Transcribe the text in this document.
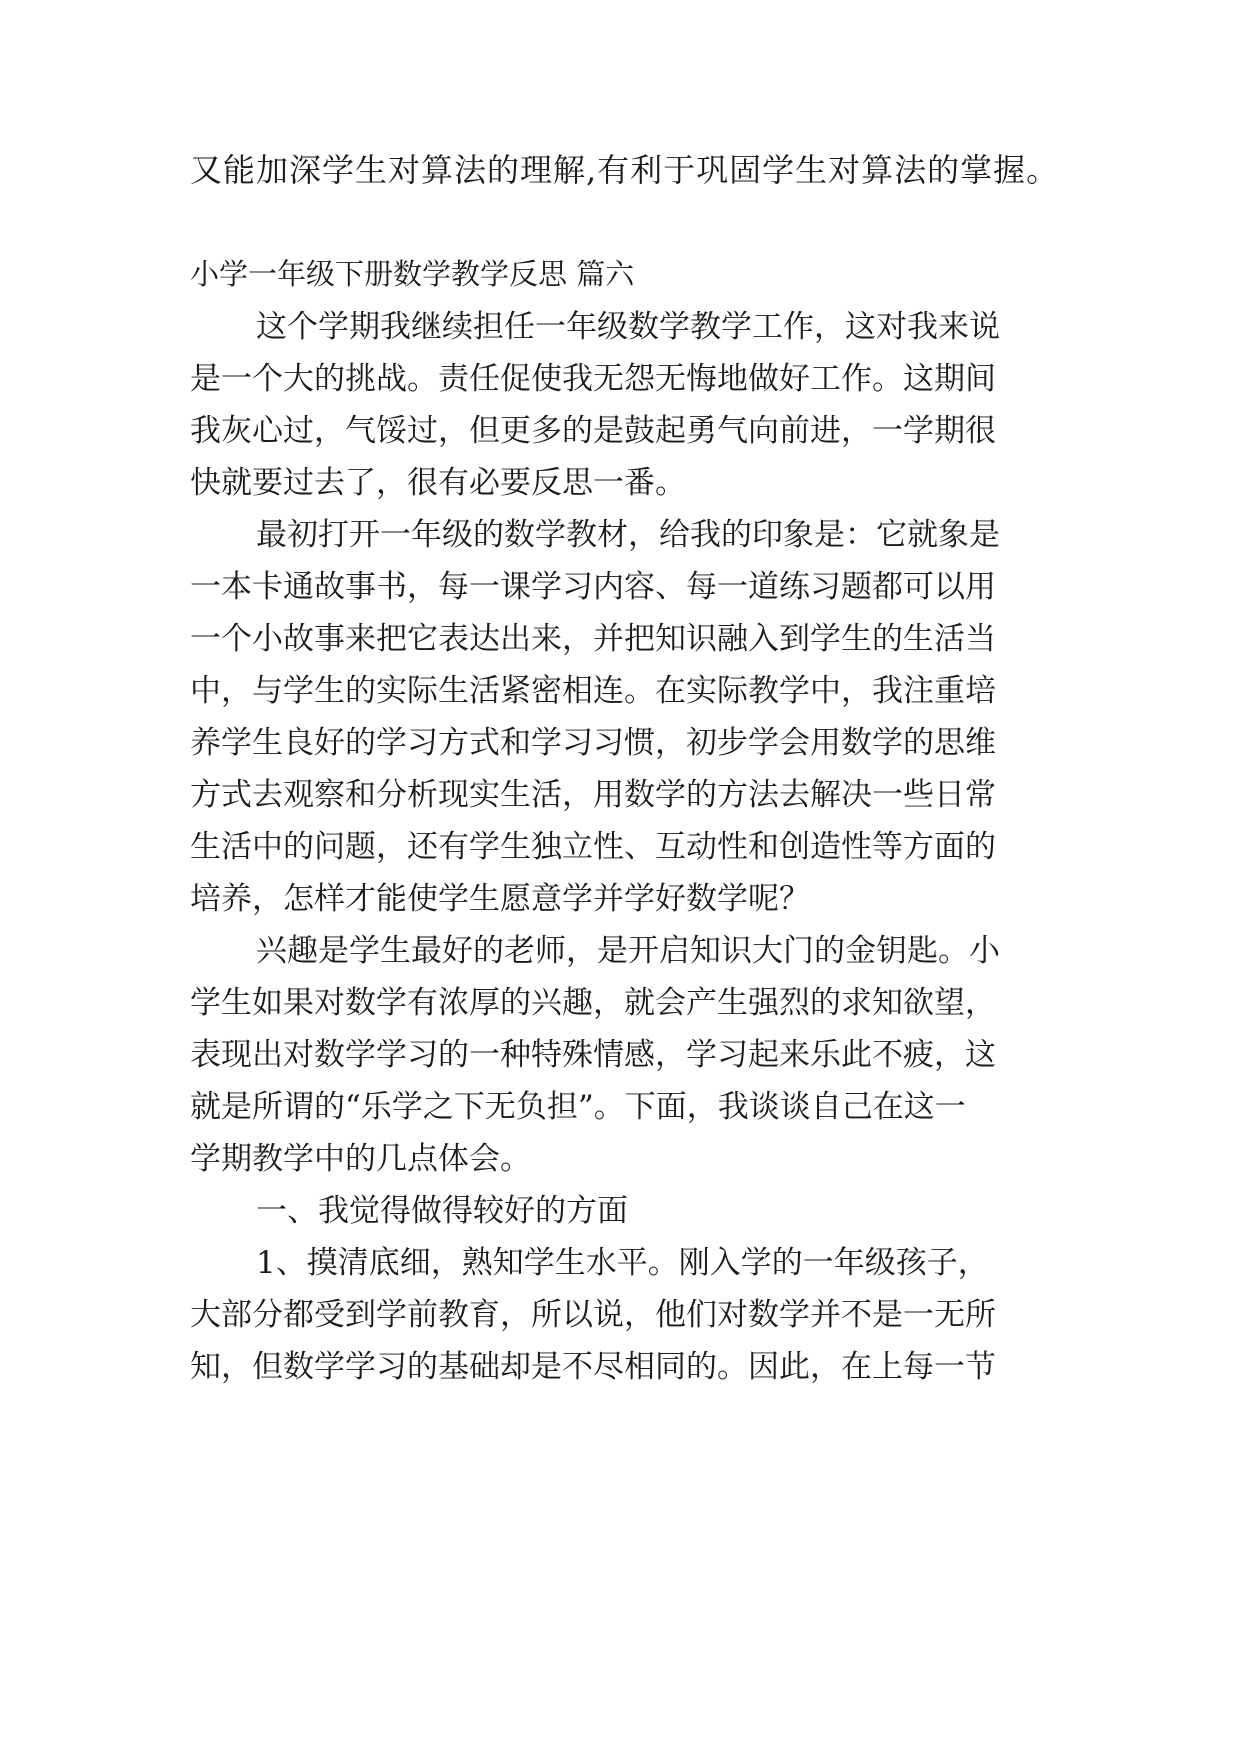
又能加深学生对算法的理解,有利于巩固学生对算法的掌握。
小学一年级下册数学教学反思 篇六
这个学期我继续担任一年级数学教学工作，这对我来说
是一个大的挑战。责任促使我无怨无悔地做好工作。这期间
我灰心过，气馁过，但更多的是鼓起勇气向前进，一学期很
快就要过去了，很有必要反思一番。
最初打开一年级的数学教材，给我的印象是：它就象是
一本卡通故事书，每一课学习内容、每一道练习题都可以用
一个小故事来把它表达出来，并把知识融入到学生的生活当
中，与学生的实际生活紧密相连。在实际教学中，我注重培
养学生良好的学习方式和学习习惯，初步学会用数学的思维
方式去观察和分析现实生活，用数学的方法去解决一些日常
生活中的问题，还有学生独立性、互动性和创造性等方面的
培养，怎样才能使学生愿意学并学好数学呢？
兴趣是学生最好的老师，是开启知识大门的金钥匙。小
学生如果对数学有浓厚的兴趣，就会产生强烈的求知欲望，
表现出对数学学习的一种特殊情感，学习起来乐此不疲，这
就是所谓的“乐学之下无负担”。下面，我谈谈自己在这一
学期教学中的几点体会。
一、我觉得做得较好的方面
1、摸清底细，熟知学生水平。刚入学的一年级孩子，
大部分都受到学前教育，所以说，他们对数学并不是一无所
知，但数学学习的基础却是不尽相同的。因此，在上每一节
